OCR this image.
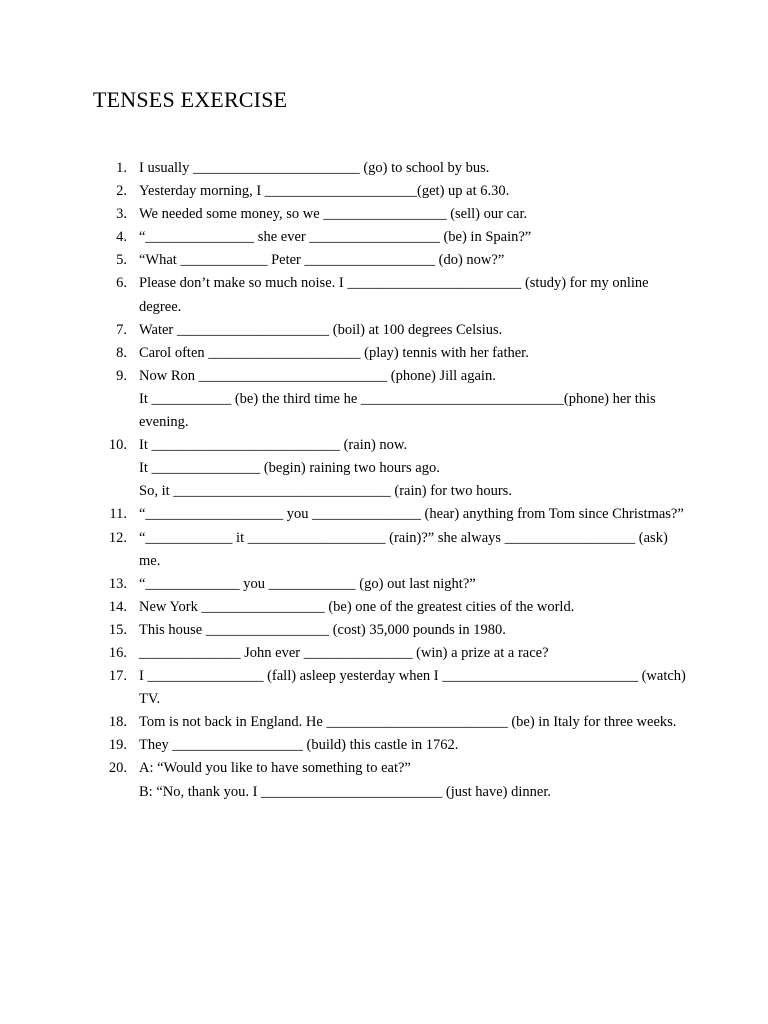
TENSES EXERCISE
1. I usually _______________________ (go) to school by bus.
2. Yesterday morning, I _____________________(get) up at 6.30.
3. We needed some money, so we _________________ (sell) our car.
4. “_______________ she ever __________________ (be) in Spain?”
5. “What ____________ Peter __________________ (do) now?”
6. Please don’t make so much noise. I ________________________ (study) for my online
degree.
7. Water _____________________ (boil) at 100 degrees Celsius.
8. Carol often _____________________ (play) tennis with her father.
9. Now Ron __________________________ (phone) Jill again.
It ___________ (be) the third time he ____________________________(phone) her this
evening.
10. It __________________________ (rain) now.
It _______________ (begin) raining two hours ago.
So, it ______________________________ (rain) for two hours.
11. “___________________ you _______________ (hear) anything from Tom since Christmas?”
12. “____________ it ___________________ (rain)?” she always __________________ (ask)
me.
13. “_____________ you ____________ (go) out last night?”
14. New York _________________ (be) one of the greatest cities of the world.
15. This house _________________ (cost) 35,000 pounds in 1980.
16. ______________ John ever _______________ (win) a prize at a race?
17. I ________________ (fall) asleep yesterday when I ___________________________ (watch)
TV.
18. Tom is not back in England. He _________________________ (be) in Italy for three weeks.
19. They __________________ (build) this castle in 1762.
20. A: “Would you like to have something to eat?”
B: “No, thank you. I _________________________ (just have) dinner.
